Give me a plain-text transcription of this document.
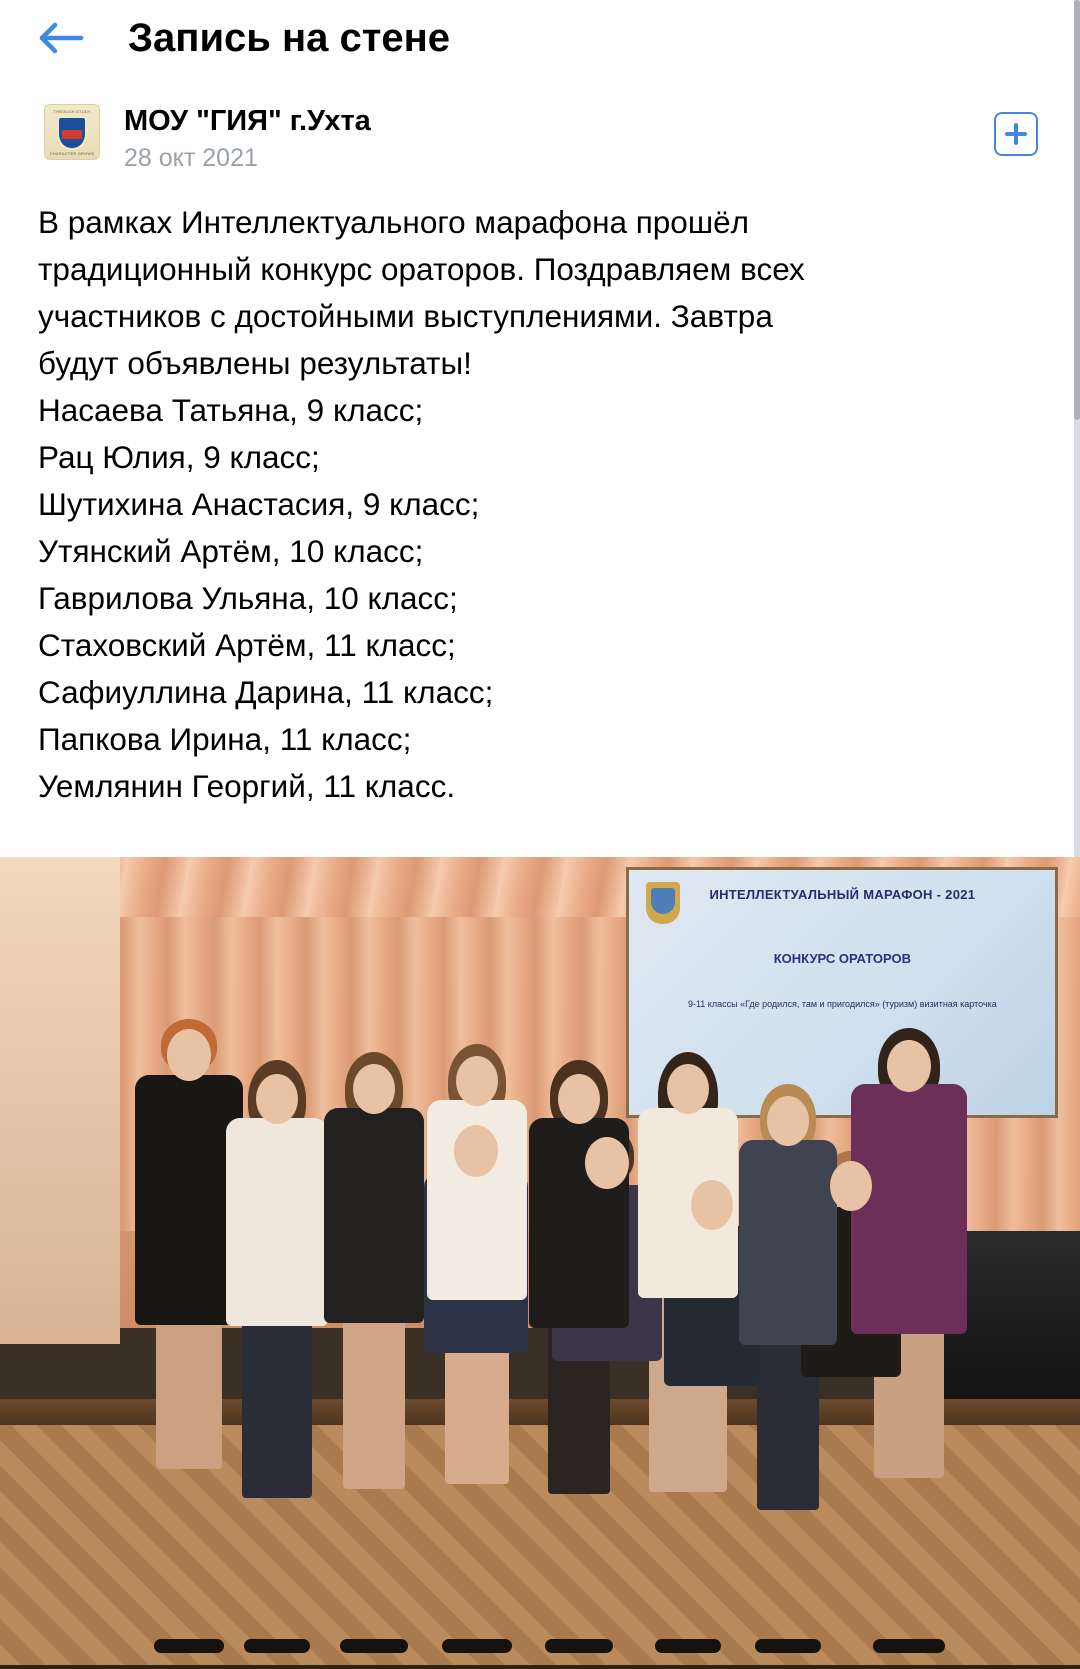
Запись на стене
THROUGH STUDY
CHARACTER GROWS
МОУ "ГИЯ" г.Ухта
28 окт 2021
В рамках Интеллектуального марафона прошёл
традиционный конкурс ораторов. Поздравляем всех
участников с достойными выступлениями. Завтра
будут объявлены результаты!
Насаева Татьяна, 9 класс;
Рац Юлия, 9 класс;
Шутихина Анастасия, 9 класс;
Утянский Артём, 10 класс;
Гаврилова Ульяна, 10 класс;
Стаховский Артём, 11 класс;
Сафиуллина Дарина, 11 класс;
Папкова Ирина, 11 класс;
Уемлянин Георгий, 11 класс.
ИНТЕЛЛЕКТУАЛЬНЫЙ МАРАФОН - 2021
КОНКУРС ОРАТОРОВ
9-11 классы «Где родился, там и пригодился» (туризм) визитная карточка
